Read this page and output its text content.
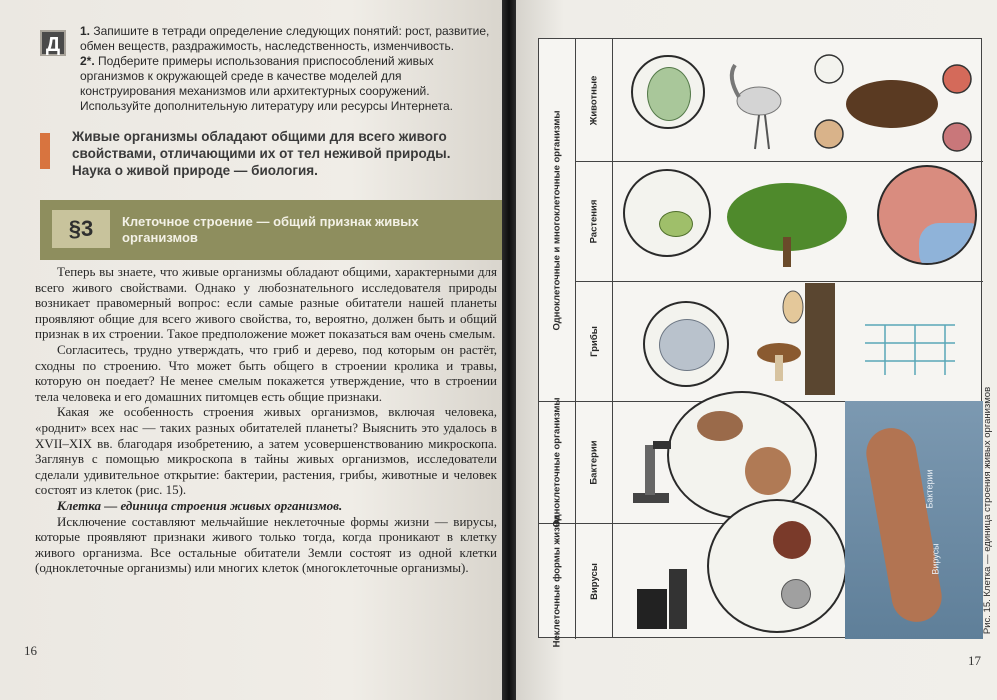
Д

1. Запишите в тетради определение следующих понятий: рост, развитие, обмен веществ, раздражимость, наследственность, изменчивость.

2*. Подберите примеры использования приспособлений живых организмов к окружающей среде в качестве моделей для конструирования механизмов или архитектурных сооружений. Используйте дополнительную литературу или ресурсы Интернета.

Живые организмы обладают общими для всего живого свойствами, отличающими их от тел неживой природы. Наука о живой природе — биология.
§3	Клеточное строение — общий признак живых организмов

Теперь вы знаете, что живые организмы обладают общими, характерными для всего живого свойствами. Однако у любознательного исследователя природы возникает правомерный вопрос: если самые разные обитатели нашей планеты проявляют общие для всего живого свойства, то, вероятно, должен быть и общий признак в их строении. Такое предположение может показаться вам очень смелым.

Согласитесь, трудно утверждать, что гриб и дерево, под которым он растёт, сходны по строению. Что может быть общего в строении кролика и травы, которую он поедает? Не менее смелым покажется утверждение, что в строении тела человека и его домашних питомцев есть общие признаки.

Какая же особенность строения живых организмов, включая человека, «роднит» всех нас — таких разных обитателей планеты? Выяснить это удалось в XVII–XIX вв. благодаря изобретению, а затем усовершенствованию микроскопа. Заглянув с помощью микроскопа в тайны живых организмов, исследователи сделали удивительное открытие: бактерии, растения, грибы, животные и человек состоят из клеток (рис. 15).

Клетка — единица строения живых организмов.

Исключение составляют мельчайшие неклеточные формы жизни — вирусы, которые проявляют признаки живого только тогда, когда проникают в клетку живого организма. Все остальные обитатели Земли состоят из одной клетки (одноклеточные организмы) или многих клеток (многоклеточные организмы).

16
Одноклеточные и многоклеточные организмы
Одноклеточные организмы
Неклеточные формы жизни
Животные
Растения
Грибы
Бактерии
Вирусы
Бактерии
Вирусы	Рис. 15. Клетка — единица строения живых организмов
17
